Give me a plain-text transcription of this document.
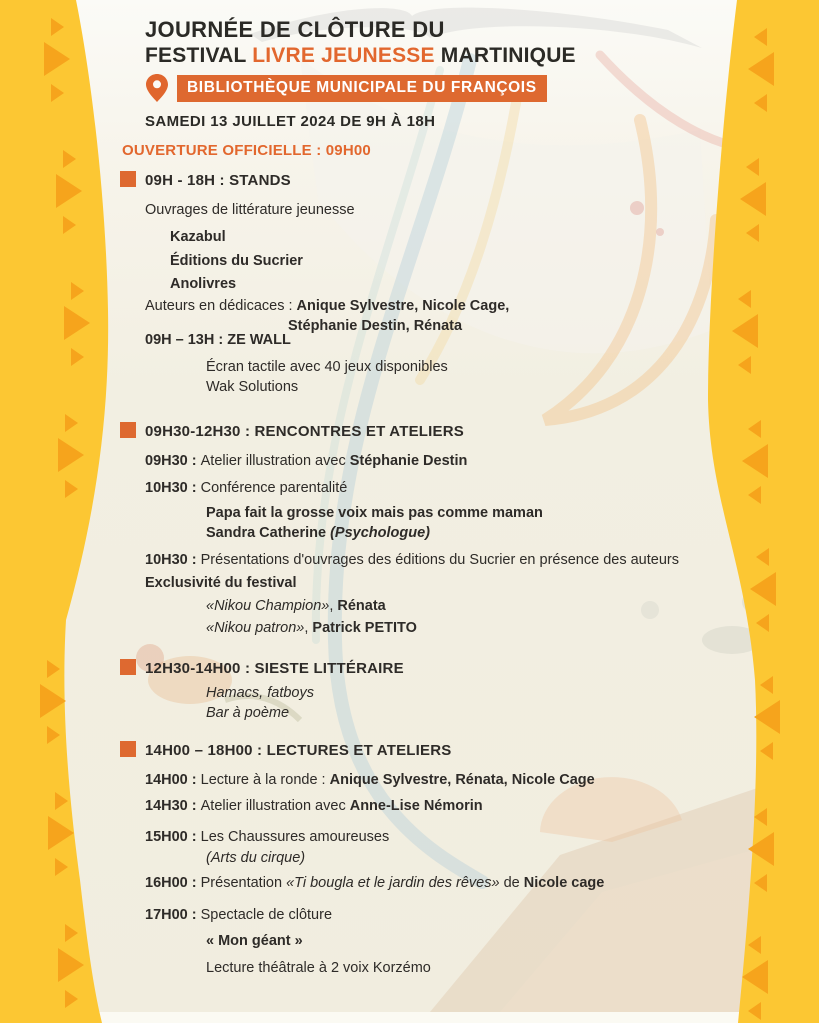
JOURNÉE DE CLÔTURE DU
FESTIVAL LIVRE JEUNESSE MARTINIQUE
BIBLIOTHÈQUE MUNICIPALE DU FRANÇOIS
SAMEDI 13 JUILLET 2024 DE 9H À 18H
OUVERTURE OFFICIELLE : 09H00
09H - 18H : STANDS
Ouvrages de littérature jeunesse
Kazabul
Éditions du Sucrier
Anolivres
Auteurs en dédicaces : Anique Sylvestre, Nicole Cage,
Stéphanie Destin, Rénata
09H – 13H : ZE WALL
Écran tactile avec 40 jeux disponibles
Wak Solutions
09H30-12H30 : RENCONTRES ET ATELIERS
09H30 : Atelier illustration avec Stéphanie Destin
10H30 : Conférence parentalité
Papa fait la grosse voix mais pas comme maman
Sandra Catherine (Psychologue)
10H30 : Présentations d'ouvrages des éditions du Sucrier en présence des auteurs
Exclusivité du festival
«Nikou Champion», Rénata
«Nikou patron», Patrick PETITO
12H30-14H00 : SIESTE LITTÉRAIRE
Hamacs, fatboys
Bar à poème
14H00 – 18H00 : LECTURES ET ATELIERS
14H00 : Lecture à la ronde : Anique Sylvestre, Rénata, Nicole Cage
14H30 : Atelier illustration avec Anne-Lise Némorin
15H00 : Les Chaussures amoureuses
(Arts du cirque)
16H00 : Présentation «Ti bougla et le jardin des rêves» de Nicole cage
17H00 : Spectacle de clôture
« Mon géant »
Lecture théâtrale à 2 voix Korzémo
